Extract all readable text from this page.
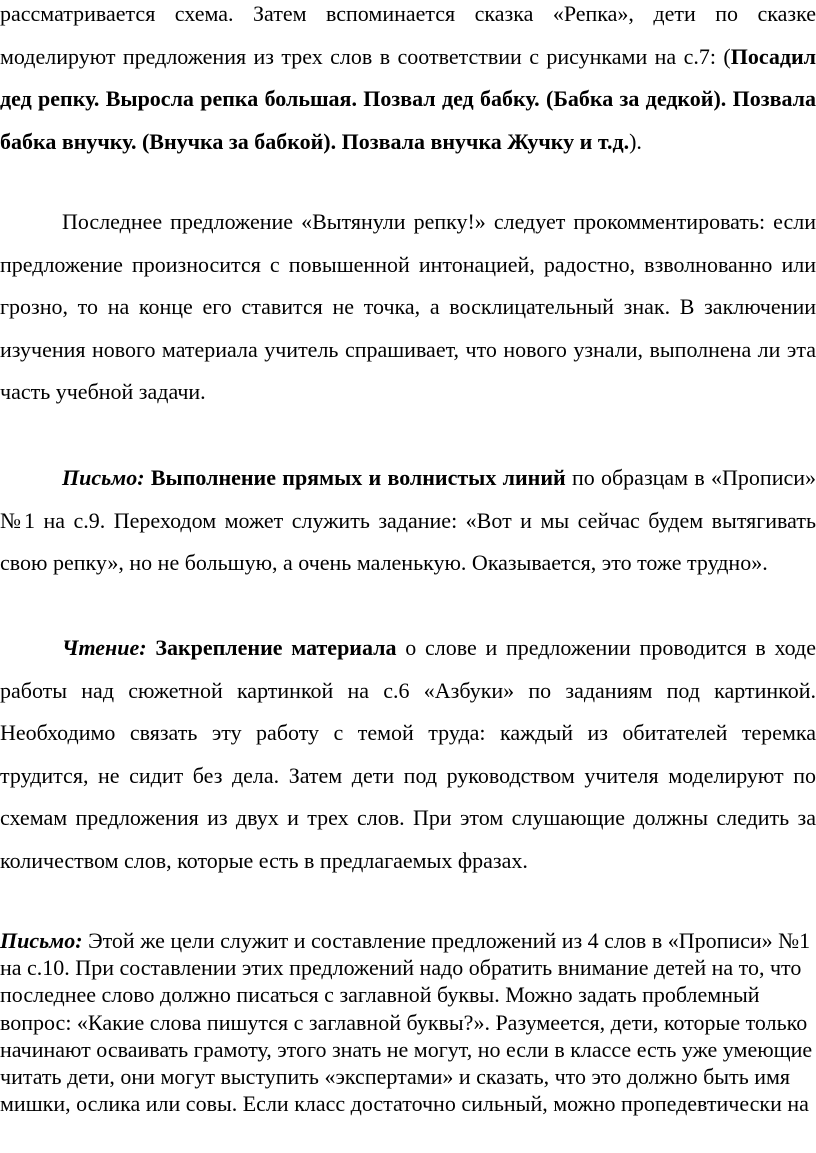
рассматривается схема. Затем вспоминается сказка «Репка», дети по сказке моделируют предложения из трех слов в соответствии с рисунками на с.7: (Посадил дед репку. Выросла репка большая. Позвал дед бабку. (Бабка за дедкой). Позвала бабка внучку. (Внучка за бабкой). Позвала внучка Жучку и т.д.).

Последнее предложение «Вытянули репку!» следует прокомментировать: если предложение произносится с повышенной интонацией, радостно, взволнованно или грозно, то на конце его ставится не точка, а восклицательный знак. В заключении изучения нового материала учитель спрашивает, что нового узнали, выполнена ли эта часть учебной задачи.

Письмо: Выполнение прямых и волнистых линий по образцам в «Прописи» №1 на с.9. Переходом может служить задание: «Вот и мы сейчас будем вытягивать свою репку», но не большую, а очень маленькую. Оказывается, это тоже трудно».

Чтение: Закрепление материала о слове и предложении проводится в ходе работы над сюжетной картинкой на с.6 «Азбуки» по заданиям под картинкой. Необходимо связать эту работу с темой труда: каждый из обитателей теремка трудится, не сидит без дела. Затем дети под руководством учителя моделируют по схемам предложения из двух и трех слов. При этом слушающие должны следить за количеством слов, которые есть в предлагаемых фразах.

Письмо: Этой же цели служит и составление предложений из 4 слов в «Прописи» №1 на с.10. При составлении этих предложений надо обратить внимание детей на то, что последнее слово должно писаться с заглавной буквы. Можно задать проблемный вопрос: «Какие слова пишутся с заглавной буквы?». Разумеется, дети, которые только начинают осваивать грамоту, этого знать не могут, но если в классе есть уже умеющие читать дети, они могут выступить «экспертами» и сказать, что это должно быть имя мишки, ослика или совы. Если класс достаточно сильный, можно пропедевтически на
